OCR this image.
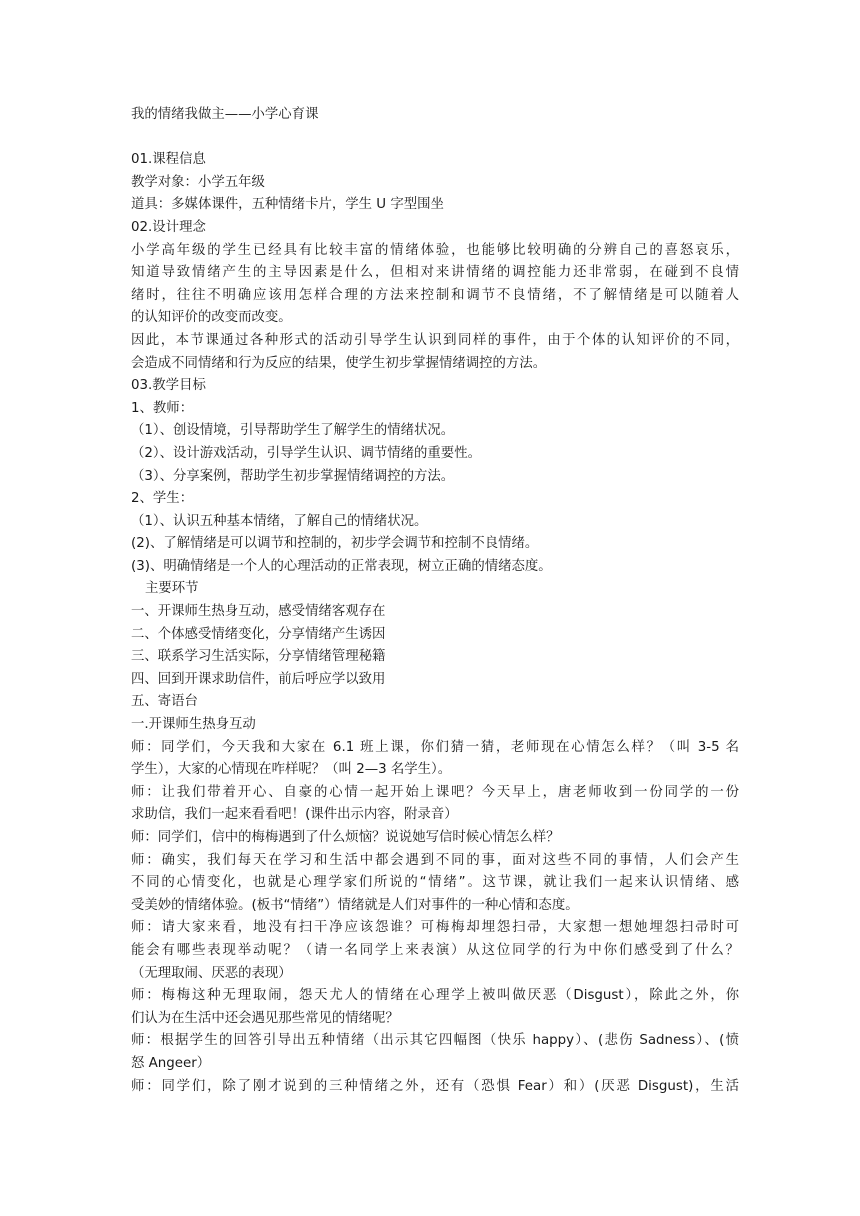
我的情绪我做主——小学心育课
01.课程信息
教学对象：小学五年级
道具：多媒体课件，五种情绪卡片，学生 U 字型围坐
02.设计理念
小学高年级的学生已经具有比较丰富的情绪体验，也能够比较明确的分辨自己的喜怒哀乐，
知道导致情绪产生的主导因素是什么，但相对来讲情绪的调控能力还非常弱，在碰到不良情
绪时，往往不明确应该用怎样合理的方法来控制和调节不良情绪，不了解情绪是可以随着人
的认知评价的改变而改变。
因此，本节课通过各种形式的活动引导学生认识到同样的事件，由于个体的认知评价的不同，
会造成不同情绪和行为反应的结果，使学生初步掌握情绪调控的方法。
03.教学目标
1、教师：
（1）、创设情境，引导帮助学生了解学生的情绪状况。
（2）、设计游戏活动，引导学生认识、调节情绪的重要性。
（3）、分享案例，帮助学生初步掌握情绪调控的方法。
2、学生：
（1）、认识五种基本情绪，了解自己的情绪状况。
(2)、了解情绪是可以调节和控制的，初步学会调节和控制不良情绪。
(3)、明确情绪是一个人的心理活动的正常表现，树立正确的情绪态度。
主要环节
一、开课师生热身互动，感受情绪客观存在
二、个体感受情绪变化，分享情绪产生诱因
三、联系学习生活实际，分享情绪管理秘籍
四、回到开课求助信件，前后呼应学以致用
五、寄语台
一.开课师生热身互动
师：同学们，今天我和大家在 6.1 班上课，你们猜一猜，老师现在心情怎么样？（叫 3-5 名
学生），大家的心情现在咋样呢？（叫 2—3 名学生）。
师：让我们带着开心、自豪的心情一起开始上课吧？今天早上，唐老师收到一份同学的一份
求助信，我们一起来看看吧！(课件出示内容，附录音）
师：同学们，信中的梅梅遇到了什么烦恼？说说她写信时候心情怎么样？
师：确实，我们每天在学习和生活中都会遇到不同的事，面对这些不同的事情，人们会产生
不同的心情变化，也就是心理学家们所说的“情绪”。这节课，就让我们一起来认识情绪、感
受美妙的情绪体验。(板书“情绪”）情绪就是人们对事件的一种心情和态度。
师：请大家来看，地没有扫干净应该怨谁？可梅梅却埋怨扫帚，大家想一想她埋怨扫帚时可
能会有哪些表现举动呢？（请一名同学上来表演）从这位同学的行为中你们感受到了什么？
（无理取闹、厌恶的表现）
师：梅梅这种无理取闹，怨天尤人的情绪在心理学上被叫做厌恶（Disgust），除此之外，你
们认为在生活中还会遇见那些常见的情绪呢？
师：根据学生的回答引导出五种情绪（出示其它四幅图（快乐 happy）、(悲伤 Sadness）、(愤
怒 Angeer）
师：同学们，除了刚才说到的三种情绪之外，还有（恐惧 Fear）和）(厌恶 Disgust)，生活
